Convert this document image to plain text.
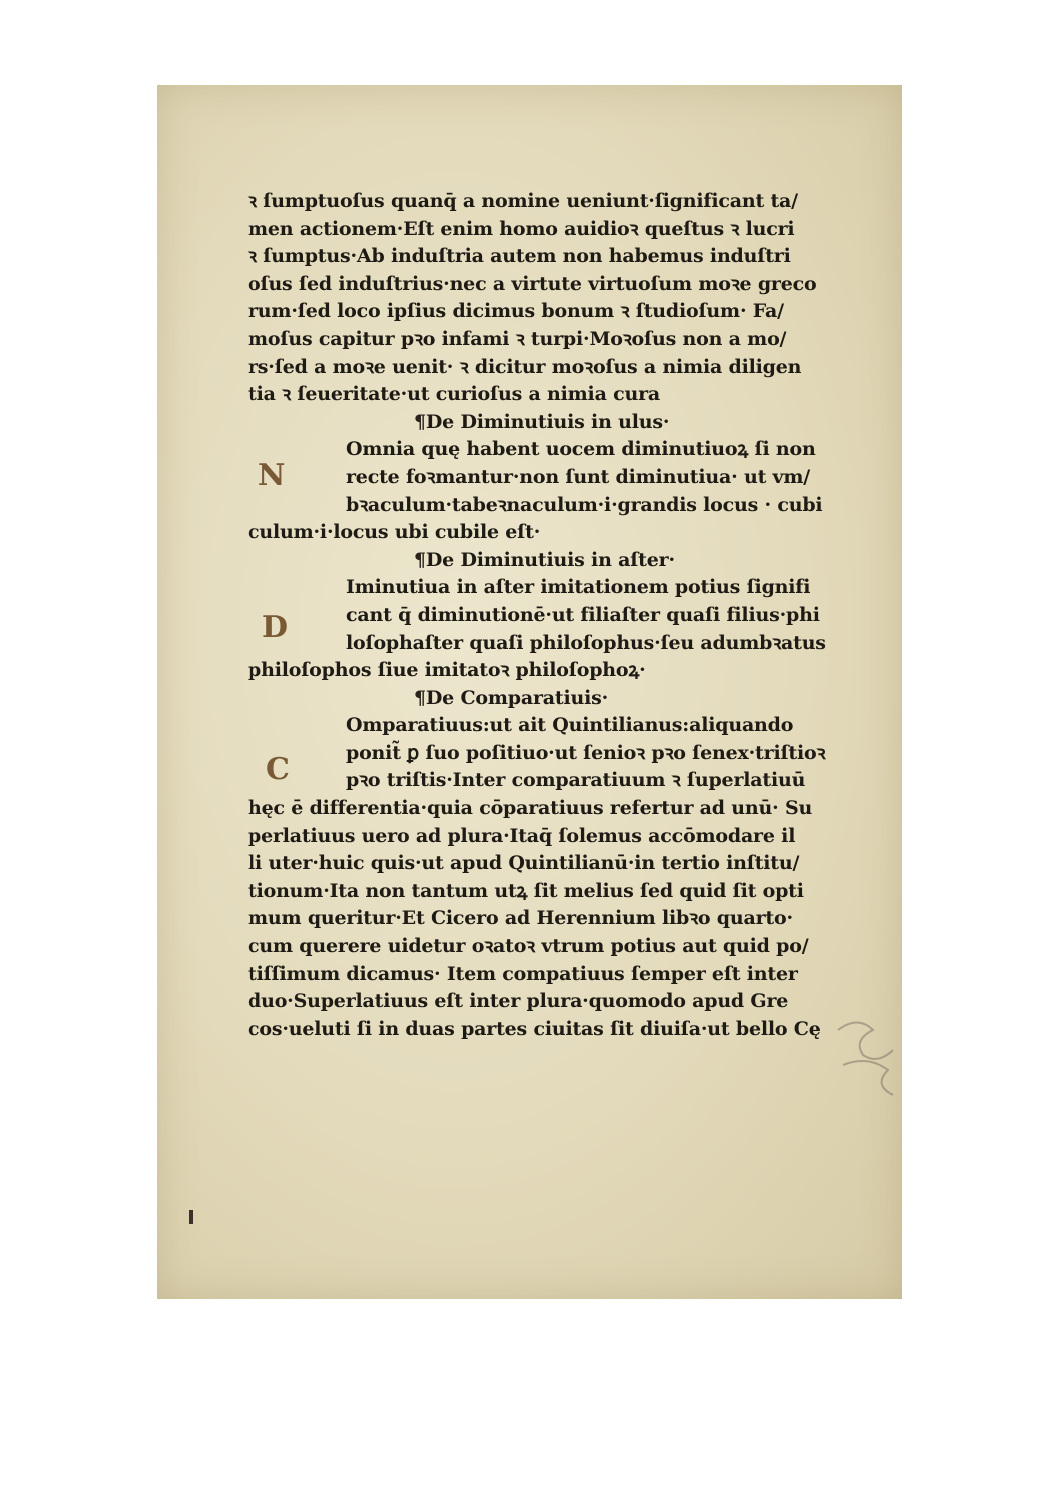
ꝛ ſumptuoſus quanq̄ a nomine ueniunt·ſignificant ta/
men actionem·Eſt enim homo auidioꝛ queſtus ꝛ lucri
ꝛ ſumptus·Ab induſtria autem non habemus induſtri
oſus ſed induſtrius·nec a virtute virtuoſum moꝛe greco
rum·ſed loco ipſius dicimus bonum ꝛ ſtudioſum· Fa/
moſus capitur pꝛo infami ꝛ turpi·Moꝛoſus non a mo/
rs·ſed a moꝛe uenit· ꝛ dicitur moꝛoſus a nimia diligen
tia ꝛ ſeueritate·ut curioſus a nimia cura
¶De Diminutiuis in ulus·
Omnia quę habent uocem diminutiuoꝝ ſi non
recte foꝛmantur·non ſunt diminutiua· ut vm/
bꝛaculum·tabeꝛnaculum·i·grandis locus · cubi
culum·i·locus ubi cubile eſt·
¶De Diminutiuis in aſter·
Iminutiua in aſter imitationem potius ſignifi
cant q̄ diminutionē·ut filiaſter quaſi filius·phi
loſophaſter quaſi philoſophus·ſeu adumbꝛatus
philoſophos ſiue imitatoꝛ philoſophoꝝ·
¶De Comparatiuis·
Omparatiuus:ut ait Quintilianus:aliquando
ponit̃ ꝑ ſuo poſitiuo·ut ſenioꝛ pꝛo ſenex·triſtioꝛ
pꝛo triſtis·Inter comparatiuum ꝛ ſuperlatiuū
hęc ē differentia·quia cōparatiuus refertur ad unū· Su
perlatiuus uero ad plura·Itaq̄ ſolemus accōmodare il
li uter·huic quis·ut apud Quintilianū·in tertio inſtitu/
tionum·Ita non tantum utꝝ ſit melius ſed quid ſit opti
mum queritur·Et Cicero ad Herennium libꝛo quarto·
cum querere uidetur oꝛatoꝛ vtrum potius aut quid po/
tiſſimum dicamus· Item compatiuus ſemper eſt inter
duo·Superlatiuus eſt inter plura·quomodo apud Gre
cos·ueluti ſi in duas partes ciuitas ſit diuiſa·ut bello Cę
N
D
C
